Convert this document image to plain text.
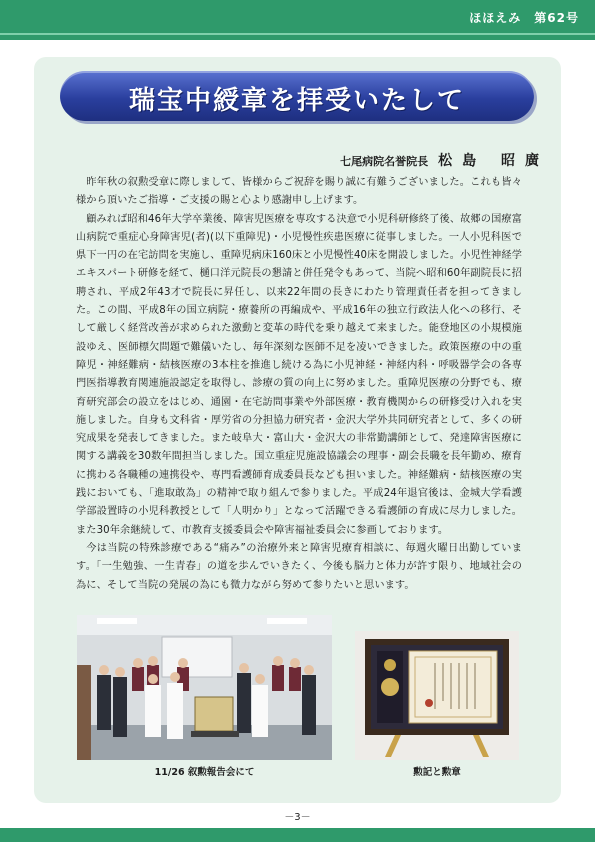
ほほえみ　第62号
瑞宝中綬章を拝受いたして
七尾病院名誉院長 松島 昭廣

昨年秋の叙勲受章に際しまして、皆様からご祝辞を賜り誠に有難うございました。これも皆々様から頂いたご指導・ご支援の賜と心より感謝申し上げます。

顧みれば昭和46年大学卒業後、障害児医療を専攻する決意で小児科研修終了後、故郷の国療富山病院で重症心身障害児(者)(以下重障児)・小児慢性疾患医療に従事しました。一人小児科医で県下一円の在宅訪問を実施し、重障児病床160床と小児慢性40床を開設しました。小児性神経学エキスパート研修を経て、樋口洋元院長の懇請と併任発令もあって、当院へ昭和60年副院長に招聘され、平成2年43才で院長に昇任し、以来22年間の長きにわたり管理責任者を担ってきました。この間、平成8年の国立病院・療養所の再編成や、平成16年の独立行政法人化への移行、そして厳しく経営改善が求められた激動と変革の時代を乗り越えて来ました。能登地区の小規模施設ゆえ、医師標欠問題で難儀いたし、毎年深刻な医師不足を凌いできました。政策医療の中の重障児・神経難病・結核医療の3本柱を推進し続ける為に小児神経・神経内科・呼吸器学会の各専門医指導教育関連施設認定を取得し、診療の質の向上に努めました。重障児医療の分野でも、療育研究部会の設立をはじめ、通園・在宅訪問事業や外部医療・教育機関からの研修受け入れを実施しました。自身も文科省・厚労省の分担協力研究者・金沢大学外共同研究者として、多くの研究成果を発表してきました。また岐阜大・富山大・金沢大の非常勤講師として、発達障害医療に関する講義を30数年間担当しました。国立重症児施設協議会の理事・副会長職を長年勤め、療育に携わる各職種の連携役や、専門看護師育成委員長なども担いました。神経難病・結核医療の実践においても、「進取敢為」の精神で取り組んで参りました。平成24年退官後は、金城大学看護学部設置時の小児科教授として「人明かり」となって活躍できる看護師の育成に尽力しました。また30年余継続して、市教育支援委員会や障害福祉委員会に参画しております。

今は当院の特殊診療である“痛み”の治療外来と障害児療育相談に、毎週火曜日出勤しています。「一生勉強、一生青春」の道を歩んでいきたく、今後も脳力と体力が許す限り、地域社会の為に、そして当院の発展の為にも微力ながら努めて参りたいと思います。

11/26 叙勲報告会にて	勲記と勲章
－3－
